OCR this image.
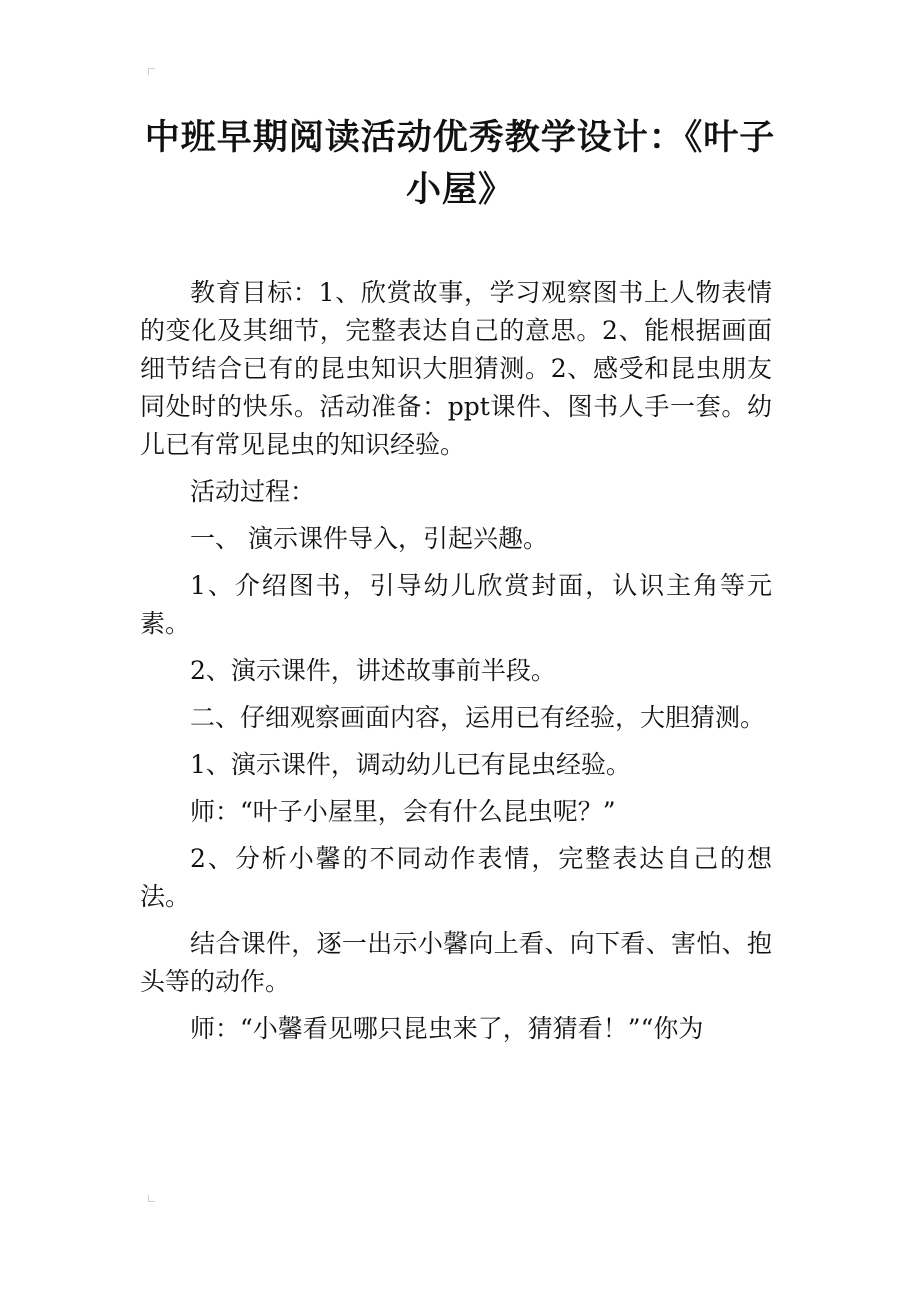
中班早期阅读活动优秀教学设计：《叶子小屋》

教育目标：1、欣赏故事，学习观察图书上人物表情的变化及其细节，完整表达自己的意思。2、能根据画面细节结合已有的昆虫知识大胆猜测。2、感受和昆虫朋友同处时的快乐。活动准备：ppt课件、图书人手一套。幼儿已有常见昆虫的知识经验。

活动过程：

一、 演示课件导入，引起兴趣。

1、介绍图书，引导幼儿欣赏封面，认识主角等元素。

2、演示课件，讲述故事前半段。

二、仔细观察画面内容，运用已有经验，大胆猜测。

1、演示课件，调动幼儿已有昆虫经验。

师：“叶子小屋里，会有什么昆虫呢？”

2、分析小馨的不同动作表情，完整表达自己的想法。

结合课件，逐一出示小馨向上看、向下看、害怕、抱头等的动作。

师：“小馨看见哪只昆虫来了，猜猜看！”“你为
